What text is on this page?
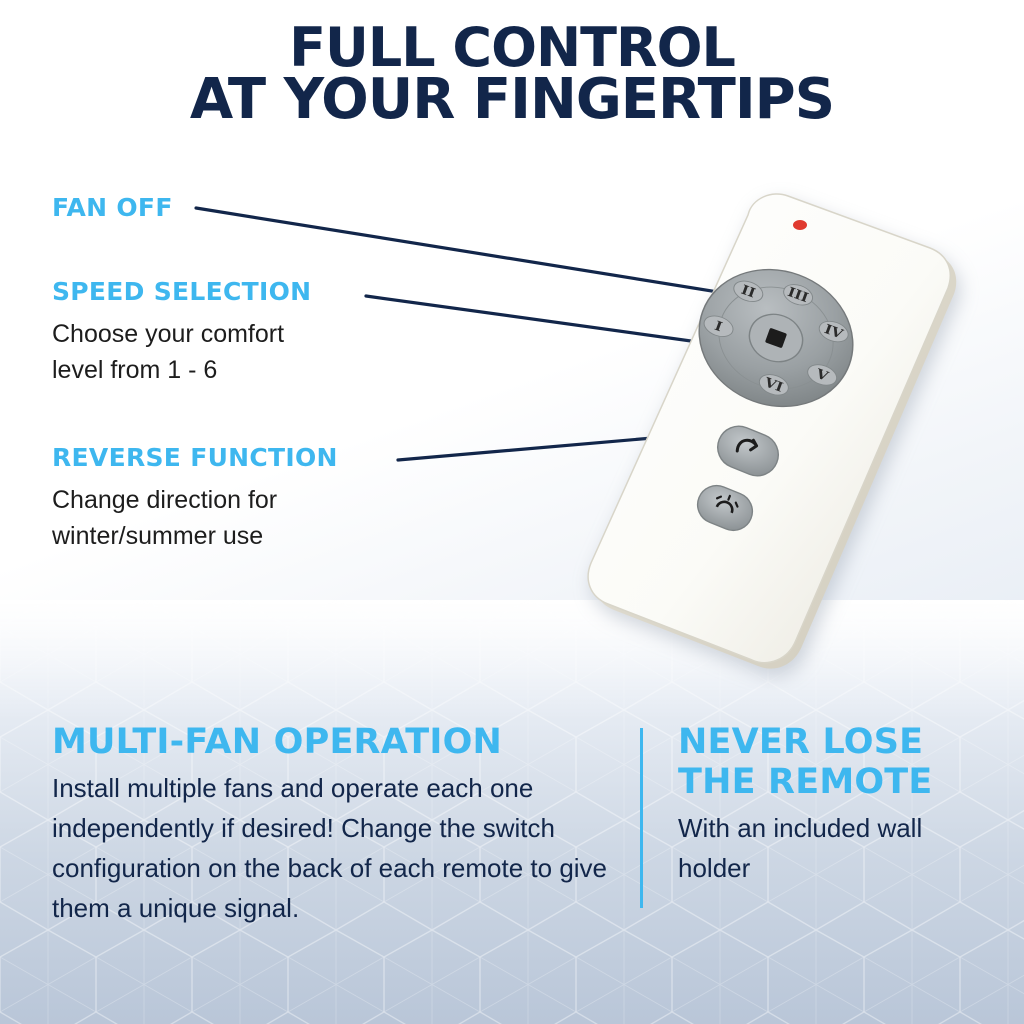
FULL CONTROL
AT YOUR FINGERTIPS
FAN OFF
SPEED SELECTION
Choose your comfort
level from 1 - 6
REVERSE FUNCTION
Change direction for
winter/summer use
I
II III
IV
V
VI
MULTI-FAN OPERATION

Install multiple fans and operate each one independently if desired! Change the switch configuration on the back of each remote to give them a unique signal.

NEVER LOSE
THE REMOTE

With an included wall holder
